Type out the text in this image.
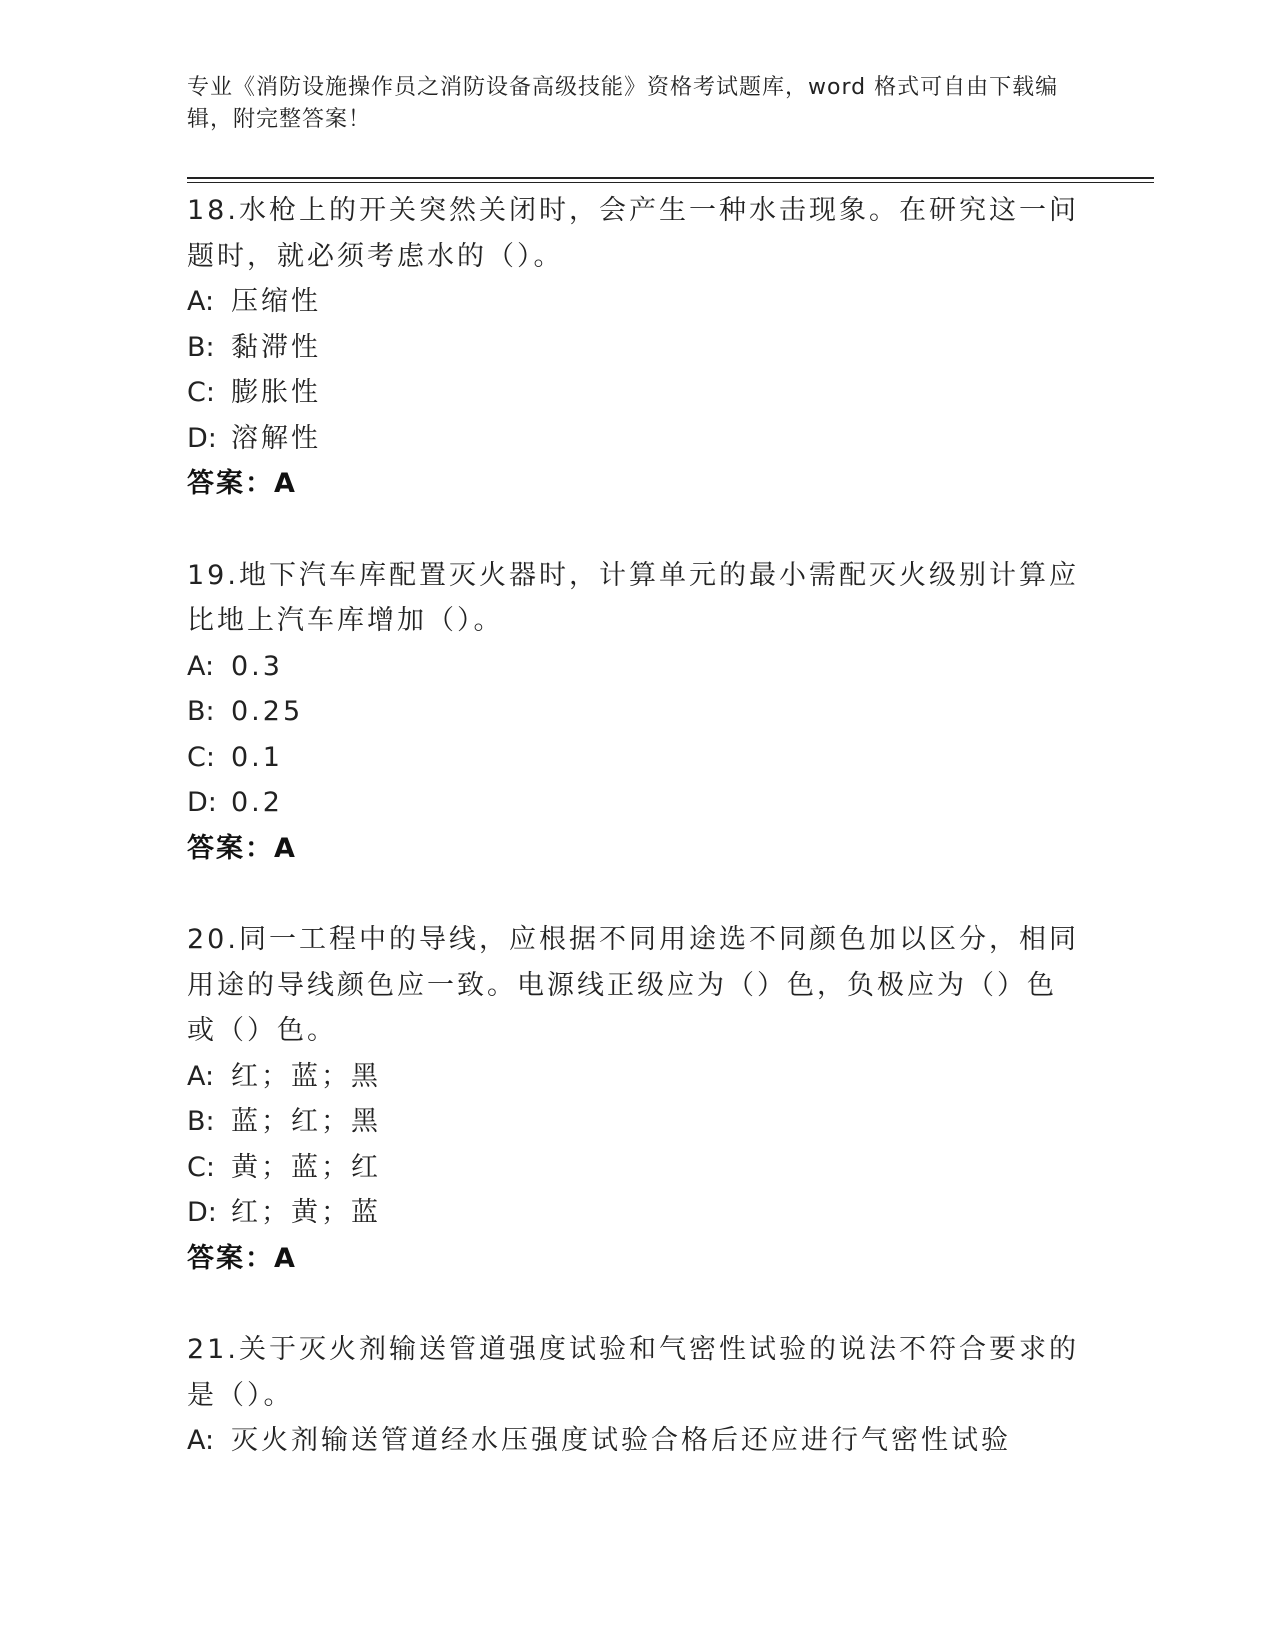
专业《消防设施操作员之消防设备高级技能》资格考试题库，word 格式可自由下载编辑，附完整答案！
18.水枪上的开关突然关闭时，会产生一种水击现象。在研究这一问题时，就必须考虑水的（）。
A: 压缩性
B: 黏滞性
C: 膨胀性
D: 溶解性
答案：A
19.地下汽车库配置灭火器时，计算单元的最小需配灭火级别计算应比地上汽车库增加（）。
A: 0.3
B: 0.25
C: 0.1
D: 0.2
答案：A
20.同一工程中的导线，应根据不同用途选不同颜色加以区分，相同用途的导线颜色应一致。电源线正级应为（）色，负极应为（）色或（）色。
A: 红；蓝；黑
B: 蓝；红；黑
C: 黄；蓝；红
D: 红；黄；蓝
答案：A
21.关于灭火剂输送管道强度试验和气密性试验的说法不符合要求的是（）。
A: 灭火剂输送管道经水压强度试验合格后还应进行气密性试验
